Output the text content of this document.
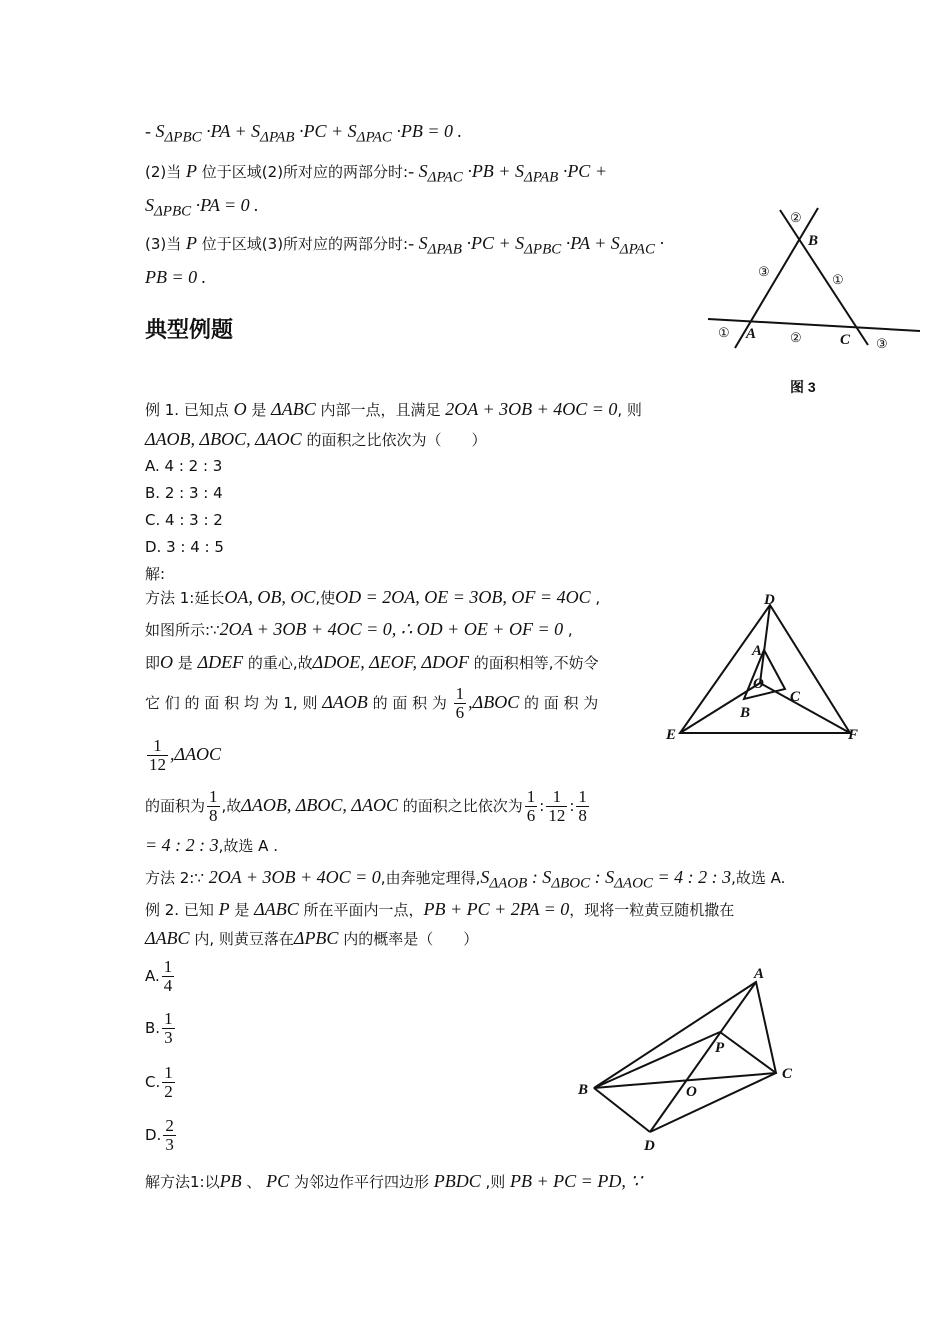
- $S_{\Delta PBC} \cdot PA + S_{\Delta PAB} \cdot PC + S_{\Delta PAC} \cdot PB = 0$ .
(2)当 P 位于区域(2)所对应的两部分时:- $S_{\Delta PAC} \cdot PB + S_{\Delta PAB} \cdot PC$ +
$S_{\Delta PBC} \cdot PA = 0$ .
(3)当 P 位于区域(3)所对应的两部分时:- $S_{\Delta PAB} \cdot PC + S_{\Delta PBC} \cdot PA + S_{\Delta PAC}$ ·
PB = 0 .
典型例题
B
A	C
②
③
①
①	②	③
图 3
例 1. 已知点 O 是 ΔABC 内部一点，且满足 2OA + 3OB + 4OC = 0, 则
ΔAOB, ΔBOC, ΔAOC 的面积之比依次为（　　）
A. 4 : 2 : 3
B. 2 : 3 : 4
C. 4 : 3 : 2
D. 3 : 4 : 5
解:
方法 1:延长OA, OB, OC,使OD = 2OA, OE = 3OB, OF = 4OC ,
如图所示:∵2OA + 3OB + 4OC = 0, ∴ OD + OE + OF = 0 ,
即O 是 ΔDEF 的重心,故ΔDOE, ΔEOF, ΔDOF 的面积相等,不妨令
它 们 的 面 积 均 为 1, 则 ΔAOB 的 面 积 为 $\frac{1}{6} ,\Delta BOC$ 的 面 积 为
$\frac{1}{12} ,\Delta AOC$
的面积为 $\frac{1}{8}$ ,故ΔAOB, ΔBOC, ΔAOC 的面积之比依次为 $\frac{1}{6}$ : $\frac{1}{12}$ : $\frac{1}{8}$
= 4 : 2 : 3,故选 A .
方法 2:∵ 2OA + 3OB + 4OC = 0,由奔驰定理得$,S_{\Delta AOB}$ : $S_{\Delta BOC}$ : $S_{\Delta AOC} = 4$ : 2 : 3,故选 A.
D
A
O
C
B
E	F
例 2. 已知 P 是 ΔABC 所在平面内一点，PB + PC + 2PA = 0，现将一粒黄豆随机撒在
ΔABC 内, 则黄豆落在ΔPBC 内的概率是（　　）
A. $\frac{1}{4}$
B. $\frac{1}{3}$
C. $\frac{1}{2}$
D. $\frac{2}{3}$
解方法1:以PB 、 PC 为邻边作平行四边形 PBDC ,则 PB + PC = PD, ∵
A
P
C
B	O
D
